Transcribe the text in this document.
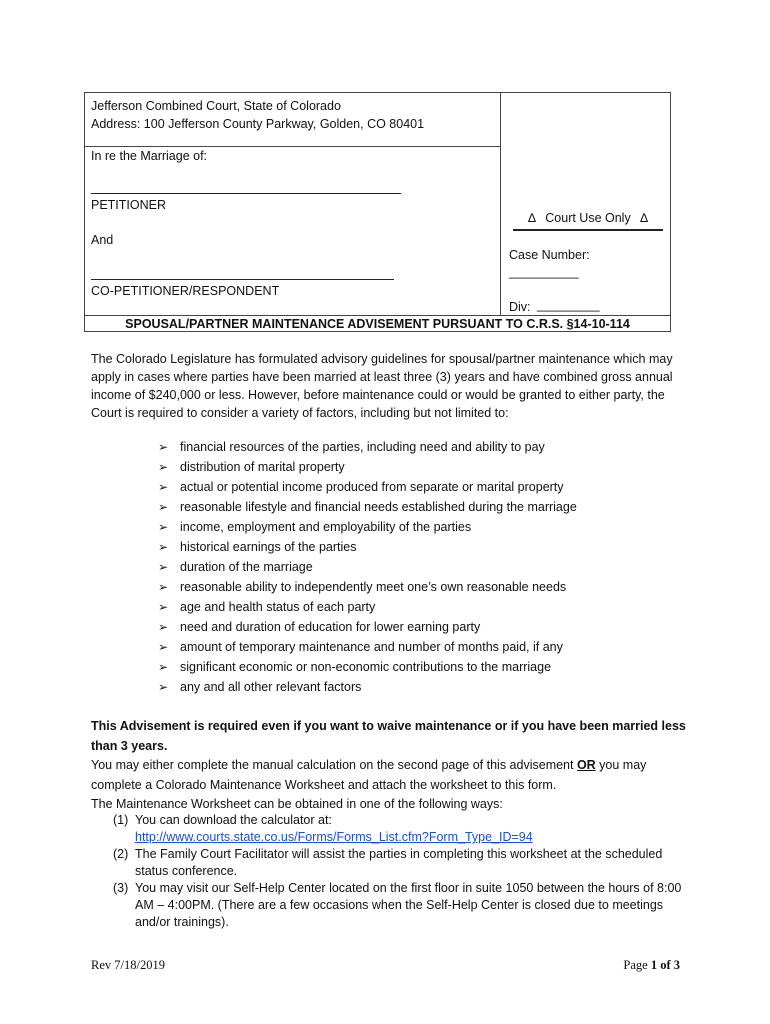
Jefferson Combined Court, State of Colorado
Address: 100 Jefferson County Parkway, Golden, CO 80401
In re the Marriage of:
PETITIONER
And
CO-PETITIONER/RESPONDENT
∆ Court Use Only ∆
Case Number:
__________
Div: _________
SPOUSAL/PARTNER MAINTENANCE ADVISEMENT PURSUANT TO C.R.S. §14-10-114
The Colorado Legislature has formulated advisory guidelines for spousal/partner maintenance which may apply in cases where parties have been married at least three (3) years and have combined gross annual income of $240,000 or less. However, before maintenance could or would be granted to either party, the Court is required to consider a variety of factors, including but not limited to:
➢ financial resources of the parties, including need and ability to pay
➢ distribution of marital property
➢ actual or potential income produced from separate or marital property
➢ reasonable lifestyle and financial needs established during the marriage
➢ income, employment and employability of the parties
➢ historical earnings of the parties
➢ duration of the marriage
➢ reasonable ability to independently meet one’s own reasonable needs
➢ age and health status of each party
➢ need and duration of education for lower earning party
➢ amount of temporary maintenance and number of months paid, if any
➢ significant economic or non-economic contributions to the marriage
➢ any and all other relevant factors
This Advisement is required even if you want to waive maintenance or if you have been married less than 3 years.
You may either complete the manual calculation on the second page of this advisement OR you may complete a Colorado Maintenance Worksheet and attach the worksheet to this form.
The Maintenance Worksheet can be obtained in one of the following ways:
(1) You can download the calculator at:
http://www.courts.state.co.us/Forms/Forms_List.cfm?Form_Type_ID=94
(2) The Family Court Facilitator will assist the parties in completing this worksheet at the scheduled status conference.
(3) You may visit our Self-Help Center located on the first floor in suite 1050 between the hours of 8:00 AM – 4:00PM. (There are a few occasions when the Self-Help Center is closed due to meetings and/or trainings).
Rev 7/18/2019	Page 1 of 3
